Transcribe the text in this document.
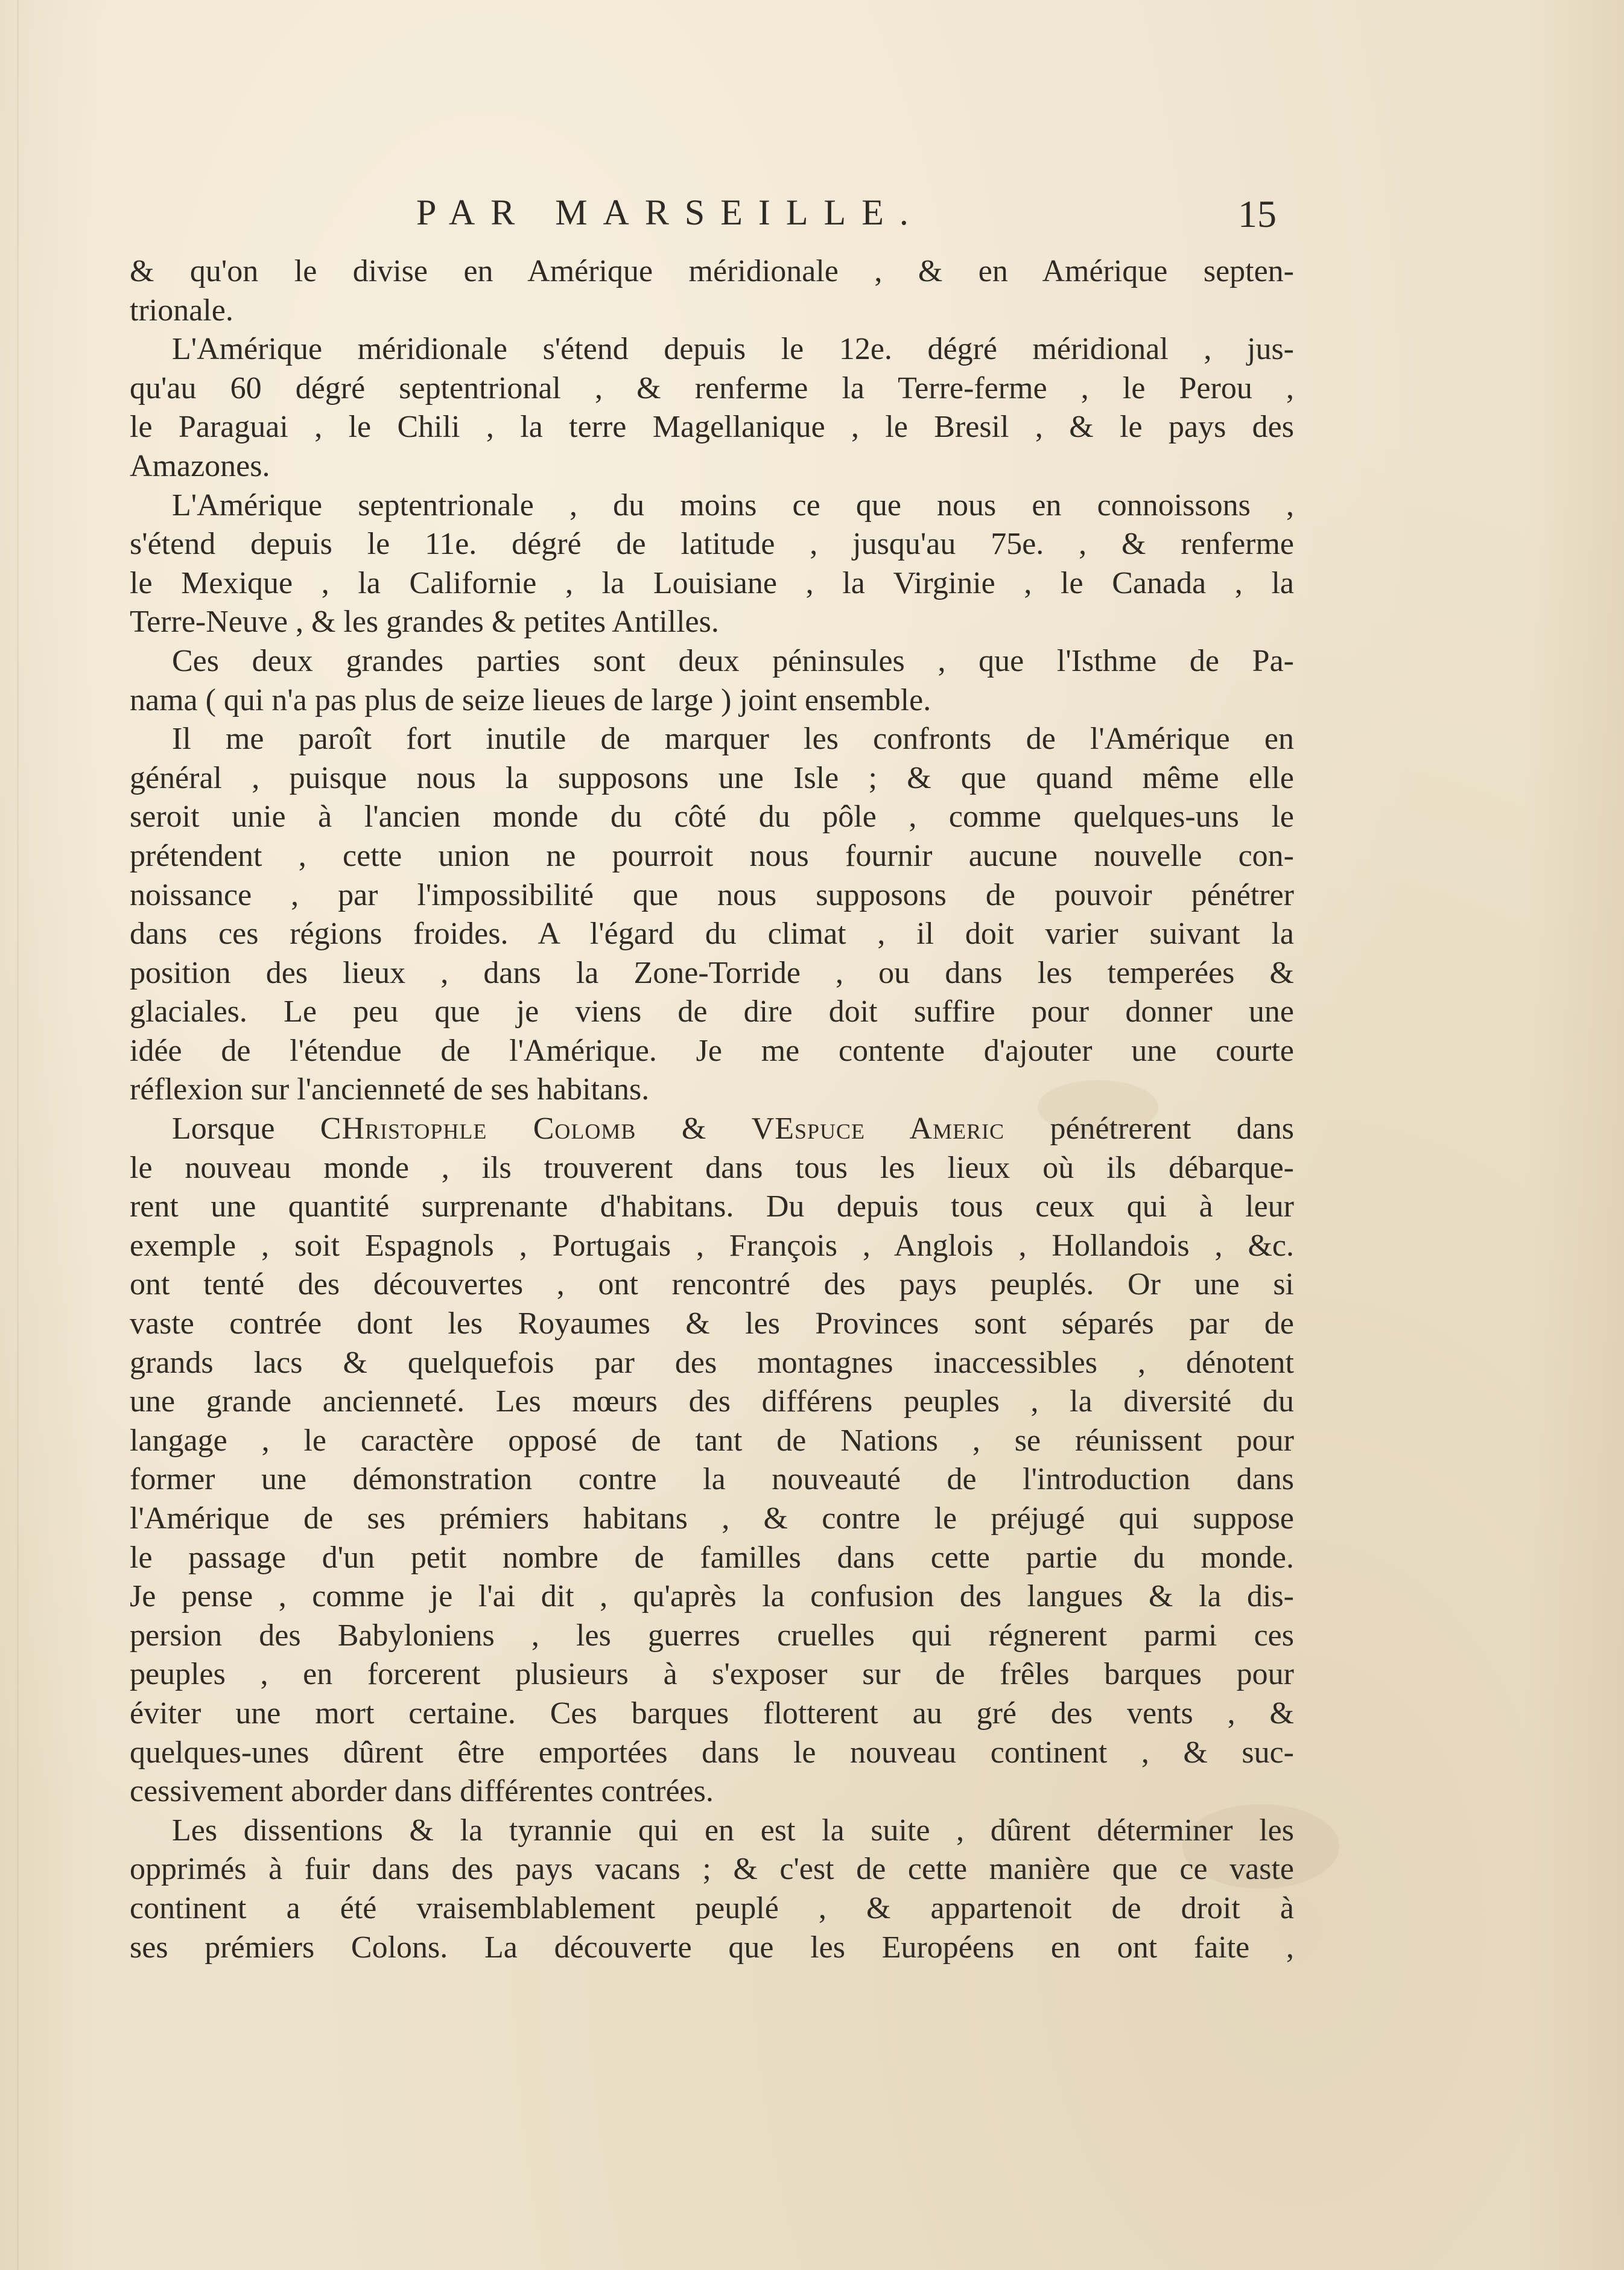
PAR MARSEILLE.	15
& qu'on le divise en Amérique méridionale , & en Amérique septen-
trionale.
L'Amérique méridionale s'étend depuis le 12e. dégré méridional , jus-
qu'au 60 dégré septentrional , & renferme la Terre-ferme , le Perou ,
le Paraguai , le Chili , la terre Magellanique , le Bresil , & le pays des
Amazones.
L'Amérique septentrionale , du moins ce que nous en connoissons ,
s'étend depuis le 11e. dégré de latitude , jusqu'au 75e. , & renferme
le Mexique , la Californie , la Louisiane , la Virginie , le Canada , la
Terre-Neuve , & les grandes & petites Antilles.
Ces deux grandes parties sont deux péninsules , que l'Isthme de Pa-
nama ( qui n'a pas plus de seize lieues de large ) joint ensemble.
Il me paroît fort inutile de marquer les confronts de l'Amérique en
général , puisque nous la supposons une Isle ; & que quand même elle
seroit unie à l'ancien monde du côté du pôle , comme quelques-uns le
prétendent , cette union ne pourroit nous fournir aucune nouvelle con-
noissance , par l'impossibilité que nous supposons de pouvoir pénétrer
dans ces régions froides. A l'égard du climat , il doit varier suivant la
position des lieux , dans la Zone-Torride , ou dans les temperées &
glaciales. Le peu que je viens de dire doit suffire pour donner une
idée de l'étendue de l'Amérique. Je me contente d'ajouter une courte
réflexion sur l'ancienneté de ses habitans.
Lorsque CHristophle Colomb & VEspuce Americ pénétrerent dans
le nouveau monde , ils trouverent dans tous les lieux où ils débarque-
rent une quantité surprenante d'habitans. Du depuis tous ceux qui à leur
exemple , soit Espagnols , Portugais , François , Anglois , Hollandois , &c.
ont tenté des découvertes , ont rencontré des pays peuplés. Or une si
vaste contrée dont les Royaumes & les Provinces sont séparés par de
grands lacs & quelquefois par des montagnes inaccessibles , dénotent
une grande ancienneté. Les mœurs des différens peuples , la diversité du
langage , le caractère opposé de tant de Nations , se réunissent pour
former une démonstration contre la nouveauté de l'introduction dans
l'Amérique de ses prémiers habitans , & contre le préjugé qui suppose
le passage d'un petit nombre de familles dans cette partie du monde.
Je pense , comme je l'ai dit , qu'après la confusion des langues & la dis-
persion des Babyloniens , les guerres cruelles qui régnerent parmi ces
peuples , en forcerent plusieurs à s'exposer sur de frêles barques pour
éviter une mort certaine. Ces barques flotterent au gré des vents , &
quelques-unes dûrent être emportées dans le nouveau continent , & suc-
cessivement aborder dans différentes contrées.
Les dissentions & la tyrannie qui en est la suite , dûrent déterminer les
opprimés à fuir dans des pays vacans ; & c'est de cette manière que ce vaste
continent a été vraisemblablement peuplé , & appartenoit de droit à
ses prémiers Colons. La découverte que les Européens en ont faite ,
